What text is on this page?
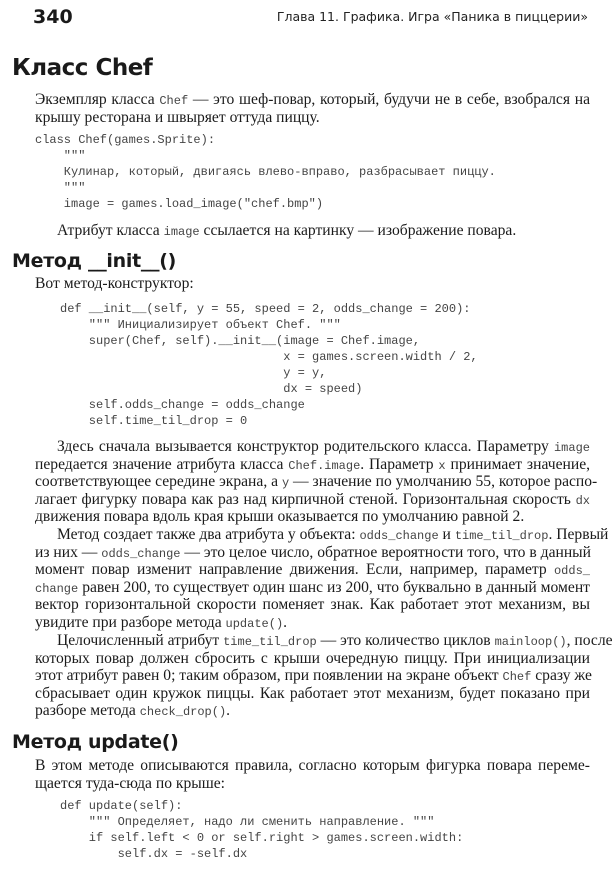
340	Глава 11. Графика. Игра «Паника в пиццерии»
Класс Chef
Экземпляр класса Chef — это шеф-повар, который, будучи не в себе, взобрался на
крышу ресторана и швыряет оттуда пиццу.
class Chef(games.Sprite):
"""
Кулинар, который, двигаясь влево-вправо, разбрасывает пиццу.
"""
image = games.load_image("chef.bmp")
Атрибут класса image ссылается на картинку — изображение повара.
Метод __init__()
Вот метод-конструктор:
def __init__(self, y = 55, speed = 2, odds_change = 200):
""" Инициализирует объект Chef. """
super(Chef, self).__init__(image = Chef.image,
x = games.screen.width / 2,
y = y,
dx = speed)
self.odds_change = odds_change
self.time_til_drop = 0
Здесь сначала вызывается конструктор родительского класса. Параметру image
передается значение атрибута класса Chef.image. Параметр x принимает значение,
соответствующее середине экрана, а y — значение по умолчанию 55, которое распо-
лагает фигурку повара как раз над кирпичной стеной. Горизонтальная скорость dx
движения повара вдоль края крыши оказывается по умолчанию равной 2.
Метод создает также два атрибута у объекта: odds_change и time_til_drop. Первый
из них — odds_change — это целое число, обратное вероятности того, что в данный
момент повар изменит направление движения. Если, например, параметр odds_
change равен 200, то существует один шанс из 200, что буквально в данный момент
вектор горизонтальной скорости поменяет знак. Как работает этот механизм, вы
увидите при разборе метода update().
Целочисленный атрибут time_til_drop — это количество циклов mainloop(), после
которых повар должен сбросить с крыши очередную пиццу. При инициализации
этот атрибут равен 0; таким образом, при появлении на экране объект Chef сразу же
сбрасывает один кружок пиццы. Как работает этот механизм, будет показано при
разборе метода check_drop().
Метод update()
В этом методе описываются правила, согласно которым фигурка повара переме-
щается туда-сюда по крыше:
def update(self):
""" Определяет, надо ли сменить направление. """
if self.left < 0 or self.right > games.screen.width:
self.dx = -self.dx
